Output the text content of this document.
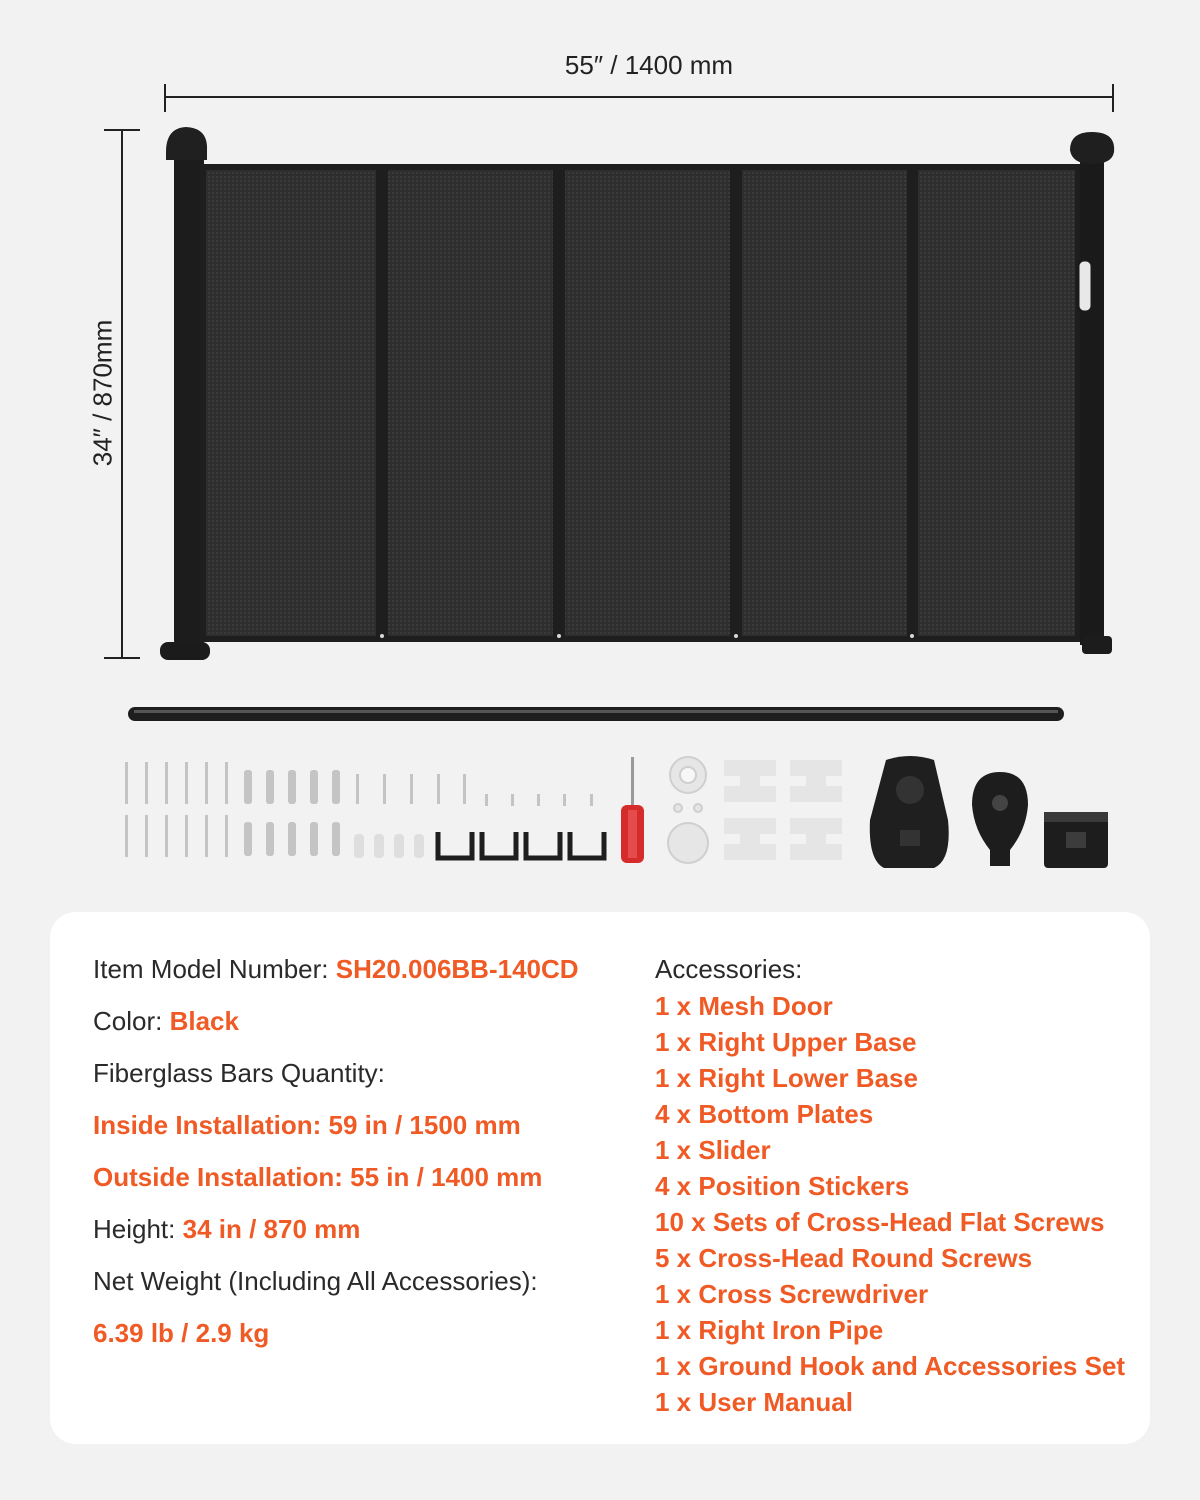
55″ / 1400 mm
34″ / 870mm
Item Model Number: SH20.006BB-140CD
Color: Black
Fiberglass Bars Quantity:
Inside Installation: 59 in / 1500 mm
Outside Installation: 55 in / 1400 mm
Height: 34 in / 870 mm
Net Weight (Including All Accessories):
6.39 lb / 2.9 kg
Accessories:
1 x Mesh Door
1 x Right Upper Base
1 x Right Lower Base
4 x Bottom Plates
1 x Slider
4 x Position Stickers
10 x Sets of Cross-Head Flat Screws
5 x Cross-Head Round Screws
1 x Cross Screwdriver
1 x Right Iron Pipe
1 x Ground Hook and Accessories Set
1 x User Manual
